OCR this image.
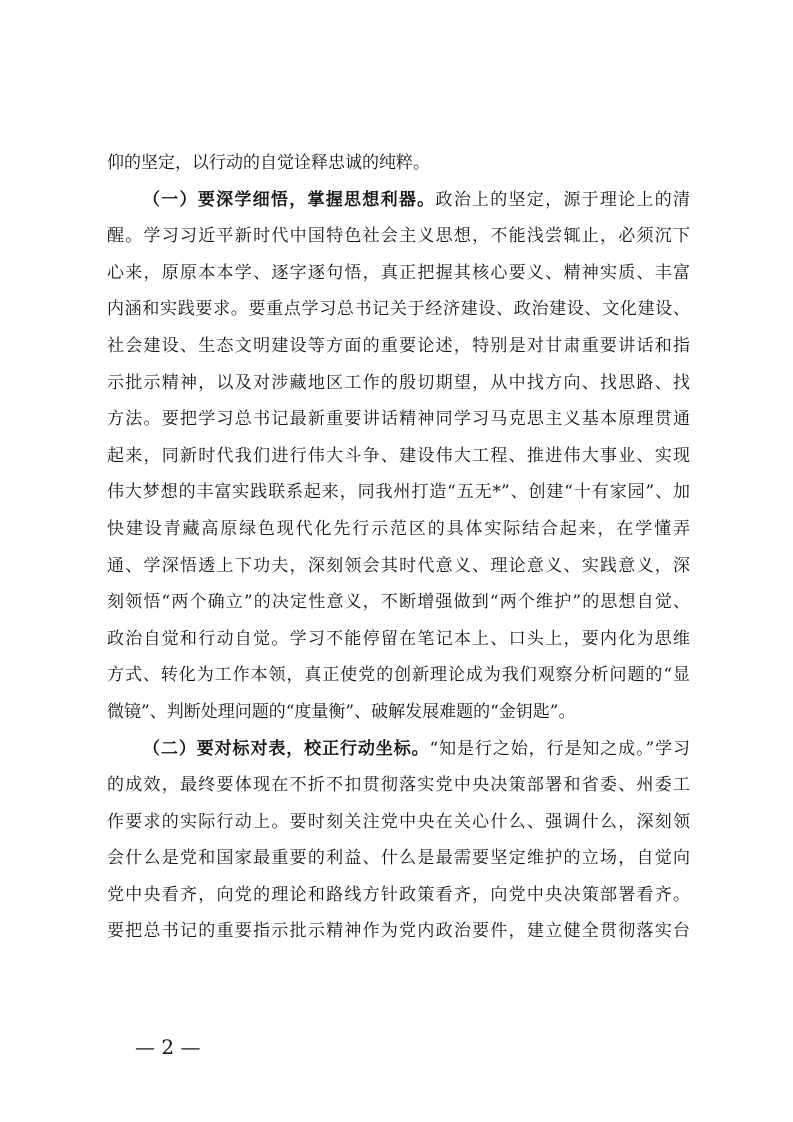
仰的坚定，以行动的自觉诠释忠诚的纯粹。
（一）要深学细悟，掌握思想利器。政治上的坚定，源于理论上的清
醒。学习习近平新时代中国特色社会主义思想，不能浅尝辄止，必须沉下
心来，原原本本学、逐字逐句悟，真正把握其核心要义、精神实质、丰富
内涵和实践要求。要重点学习总书记关于经济建设、政治建设、文化建设、
社会建设、生态文明建设等方面的重要论述，特别是对甘肃重要讲话和指
示批示精神，以及对涉藏地区工作的殷切期望，从中找方向、找思路、找
方法。要把学习总书记最新重要讲话精神同学习马克思主义基本原理贯通
起来，同新时代我们进行伟大斗争、建设伟大工程、推进伟大事业、实现
伟大梦想的丰富实践联系起来，同我州打造“五无*”、创建“十有家园”、加
快建设青藏高原绿色现代化先行示范区的具体实际结合起来，在学懂弄
通、学深悟透上下功夫，深刻领会其时代意义、理论意义、实践意义，深
刻领悟“两个确立”的决定性意义，不断增强做到“两个维护”的思想自觉、
政治自觉和行动自觉。学习不能停留在笔记本上、口头上，要内化为思维
方式、转化为工作本领，真正使党的创新理论成为我们观察分析问题的“显
微镜”、判断处理问题的“度量衡”、破解发展难题的“金钥匙”。
（二）要对标对表，校正行动坐标。“知是行之始，行是知之成。”学习
的成效，最终要体现在不折不扣贯彻落实党中央决策部署和省委、州委工
作要求的实际行动上。要时刻关注党中央在关心什么、强调什么，深刻领
会什么是党和国家最重要的利益、什么是最需要坚定维护的立场，自觉向
党中央看齐，向党的理论和路线方针政策看齐，向党中央决策部署看齐。
要把总书记的重要指示批示精神作为党内政治要件，建立健全贯彻落实台
— 2 —
